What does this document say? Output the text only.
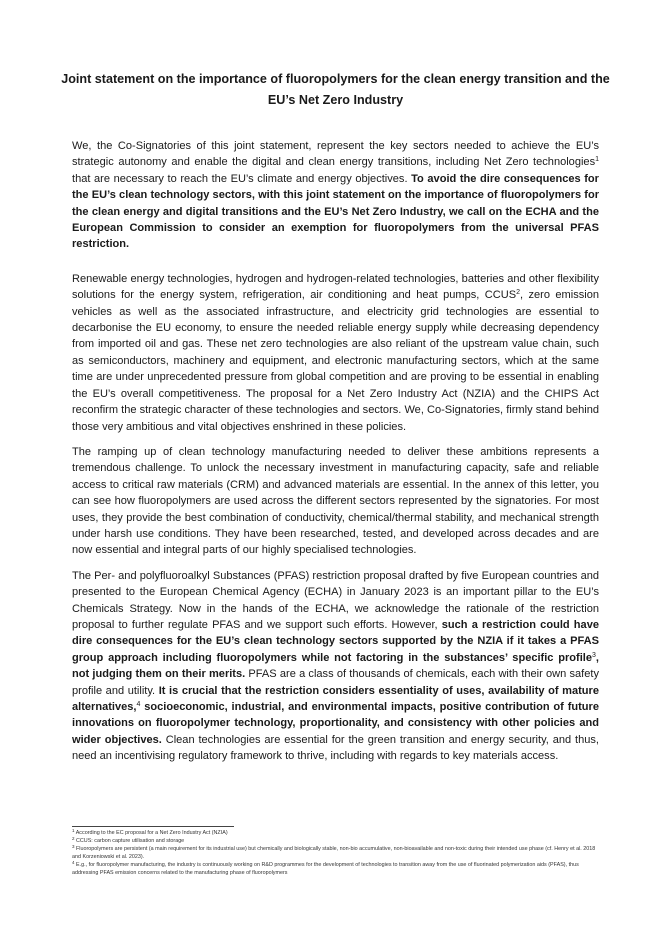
Joint statement on the importance of fluoropolymers for the clean energy transition and the
EU’s Net Zero Industry

We, the Co-Signatories of this joint statement, represent the key sectors needed to achieve the EU’s strategic autonomy and enable the digital and clean energy transitions, including Net Zero technologies$^1$ that are necessary to reach the EU’s climate and energy objectives. To avoid the dire consequences for the EU’s clean technology sectors, with this joint statement on the importance of fluoropolymers for the clean energy and digital transitions and the EU’s Net Zero Industry, we call on the ECHA and the European Commission to consider an exemption for fluoropolymers from the universal PFAS restriction.

Renewable energy technologies, hydrogen and hydrogen-related technologies, batteries and other flexibility solutions for the energy system, refrigeration, air conditioning and heat pumps, CCUS$^2$, zero emission vehicles as well as the associated infrastructure, and electricity grid technologies are essential to decarbonise the EU economy, to ensure the needed reliable energy supply while decreasing dependency from imported oil and gas. These net zero technologies are also reliant of the upstream value chain, such as semiconductors, machinery and equipment, and electronic manufacturing sectors, which at the same time are under unprecedented pressure from global competition and are proving to be essential in enabling the EU’s overall competitiveness. The proposal for a Net Zero Industry Act (NZIA) and the CHIPS Act reconfirm the strategic character of these technologies and sectors. We, Co-Signatories, firmly stand behind those very ambitious and vital objectives enshrined in these policies.

The ramping up of clean technology manufacturing needed to deliver these ambitions represents a tremendous challenge. To unlock the necessary investment in manufacturing capacity, safe and reliable access to critical raw materials (CRM) and advanced materials are essential. In the annex of this letter, you can see how fluoropolymers are used across the different sectors represented by the signatories. For most uses, they provide the best combination of conductivity, chemical/thermal stability, and mechanical strength under harsh use conditions. They have been researched, tested, and developed across decades and are now essential and integral parts of our highly specialised technologies.

The Per- and polyfluoroalkyl Substances (PFAS) restriction proposal drafted by five European countries and presented to the European Chemical Agency (ECHA) in January 2023 is an important pillar to the EU’s Chemicals Strategy. Now in the hands of the ECHA, we acknowledge the rationale of the restriction proposal to further regulate PFAS and we support such efforts. However, such a restriction could have dire consequences for the EU’s clean technology sectors supported by the NZIA if it takes a PFAS group approach including fluoropolymers while not factoring in the substances’ specific profile$^3$, not judging them on their merits. PFAS are a class of thousands of chemicals, each with their own safety profile and utility. It is crucial that the restriction considers essentiality of uses, availability of mature alternatives,$^4$ socioeconomic, industrial, and environmental impacts, positive contribution of future innovations on fluoropolymer technology, proportionality, and consistency with other policies and wider objectives. Clean technologies are essential for the green transition and energy security, and thus, need an incentivising regulatory framework to thrive, including with regards to key materials access.

$^1$ According to the EC proposal for a Net Zero Industry Act (NZIA)

$^2$ CCUS: carbon capture utilisation and storage

$^3$ Fluoropolymers are persistent (a main requirement for its industrial use) but chemically and biologically stable, non-bio accumulative, non-bioavailable and non-toxic during their intended use phase (cf. Henry et al. 2018 and Korzeniowski et al. 2023).

$^4$ E.g., for fluoropolymer manufacturing, the industry is continuously working on R&D programmes for the development of technologies to transition away from the use of fluorinated polymerization aids (PFAS), thus addressing PFAS emission concerns related to the manufacturing phase of fluoropolymers
